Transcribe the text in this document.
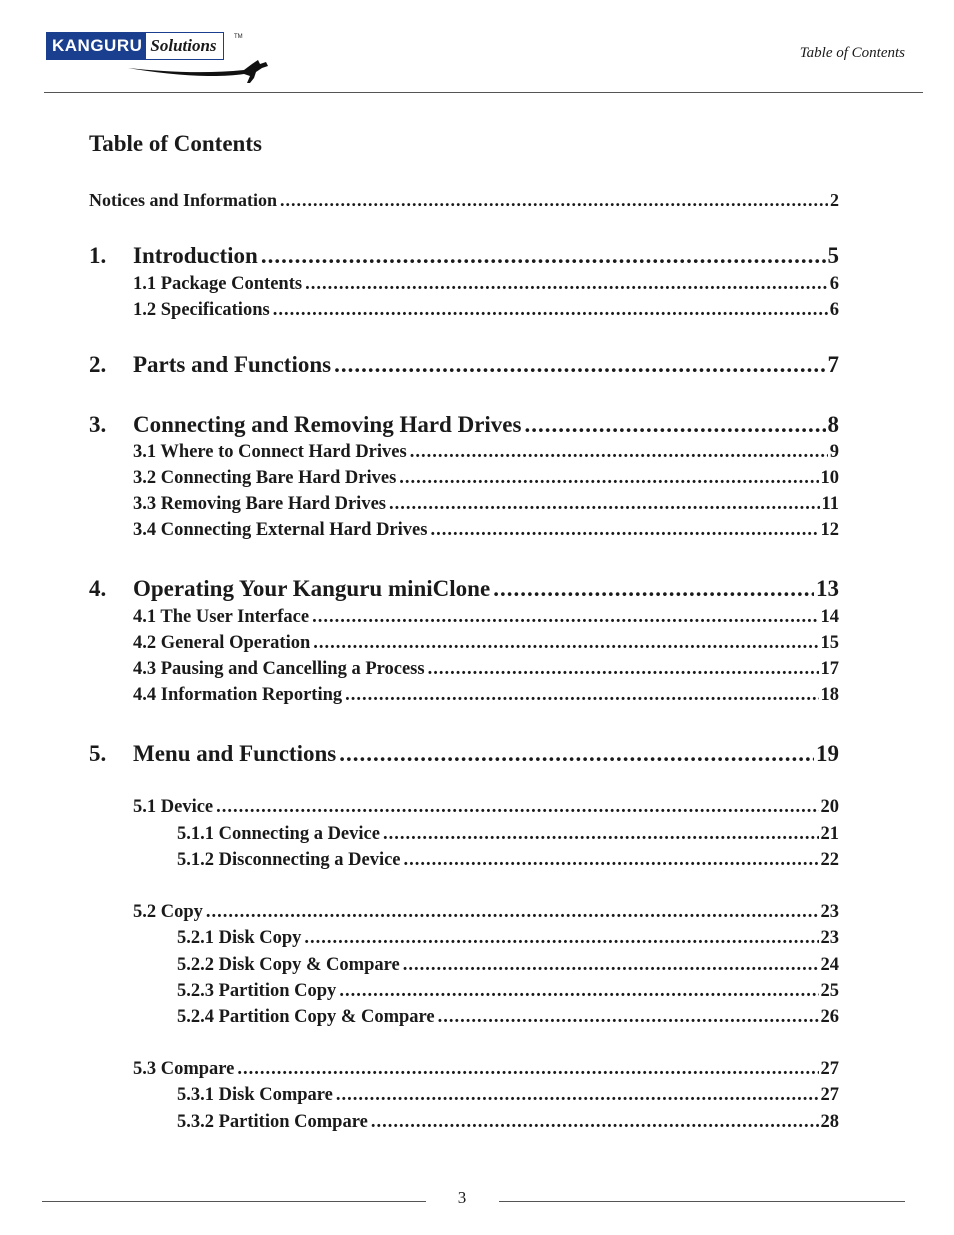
KANGURU Solutions	TM
Table of Contents
Table of Contents
Notices and Information .....	2
1.	Introduction .....	5
1.1 Package Contents .....	6
1.2 Specifications .....	6
2.	Parts and Functions .....	7
3.	Connecting and Removing Hard Drives .....	8
3.1 Where to Connect Hard Drives .....	9
3.2 Connecting Bare Hard Drives .....	10
3.3 Removing Bare Hard Drives .....	11
3.4 Connecting External Hard Drives .....	12
4.	Operating Your Kanguru miniClone .....	13
4.1 The User Interface .....	14
4.2 General Operation .....	15
4.3 Pausing and Cancelling a Process .....	17
4.4 Information Reporting .....	18
5.	Menu and Functions .....	19
5.1 Device .....	20
5.1.1 Connecting a Device .....	21
5.1.2 Disconnecting a Device .....	22
5.2 Copy .....	23
5.2.1 Disk Copy .....	23
5.2.2 Disk Copy & Compare .....	24
5.2.3 Partition Copy .....	25
5.2.4 Partition Copy & Compare .....	26
5.3 Compare .....	27
5.3.1 Disk Compare .....	27
5.3.2 Partition Compare .....	28
3
